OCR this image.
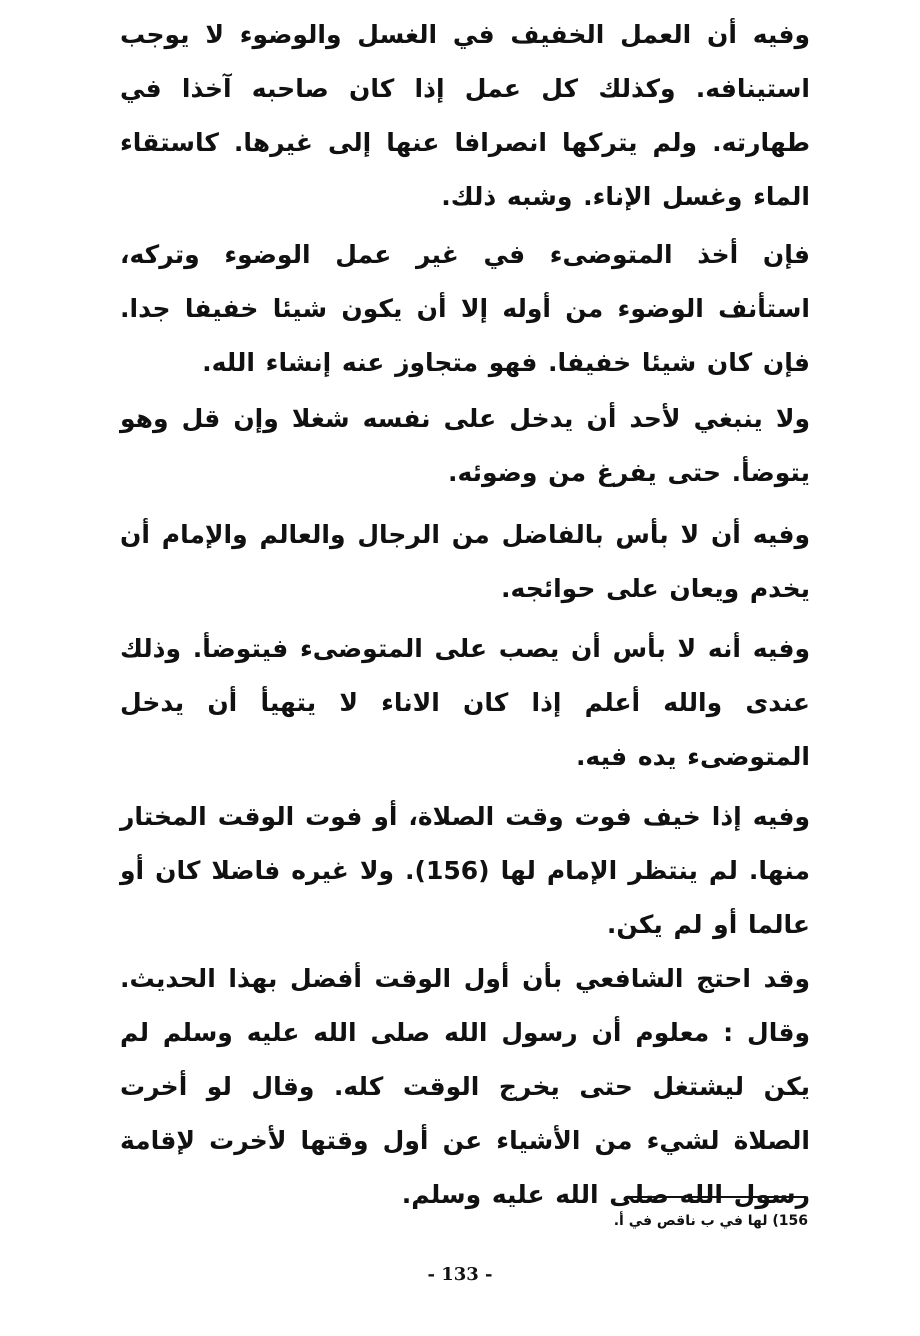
وفيه أن العمل الخفيف في الغسل والوضوء لا يوجب استينافه. وكذلك كل عمل إذا كان صاحبه آخذا في طهارته. ولم يتركها انصرافا عنها إلى غيرها. كاستقاء الماء وغسل الإناء. وشبه ذلك.

فإن أخذ المتوضىء في غير عمل الوضوء وتركه، استأنف الوضوء من أوله إلا أن يكون شيئا خفيفا جدا. فإن كان شيئا خفيفا. فهو متجاوز عنه إنشاء الله.

ولا ينبغي لأحد أن يدخل على نفسه شغلا وإن قل وهو يتوضأ. حتى يفرغ من وضوئه.

وفيه أن لا بأس بالفاضل من الرجال والعالم والإمام أن يخدم ويعان على حوائجه.

وفيه أنه لا بأس أن يصب على المتوضىء فيتوضأ. وذلك عندى والله أعلم إذا كان الاناء لا يتهيأ أن يدخل المتوضىء يده فيه.

وفيه إذا خيف فوت وقت الصلاة، أو فوت الوقت المختار منها. لم ينتظر الإمام لها (156). ولا غيره فاضلا كان أو عالما أو لم يكن.

وقد احتج الشافعي بأن أول الوقت أفضل بهذا الحديث. وقال : معلوم أن رسول الله صلى الله عليه وسلم لم يكن ليشتغل حتى يخرج الوقت كله. وقال لو أخرت الصلاة لشيء من الأشياء عن أول وقتها لأخرت لإقامة رسول الله صلى الله عليه وسلم.

156) لها في ب ناقص في أ.

- 133 -
